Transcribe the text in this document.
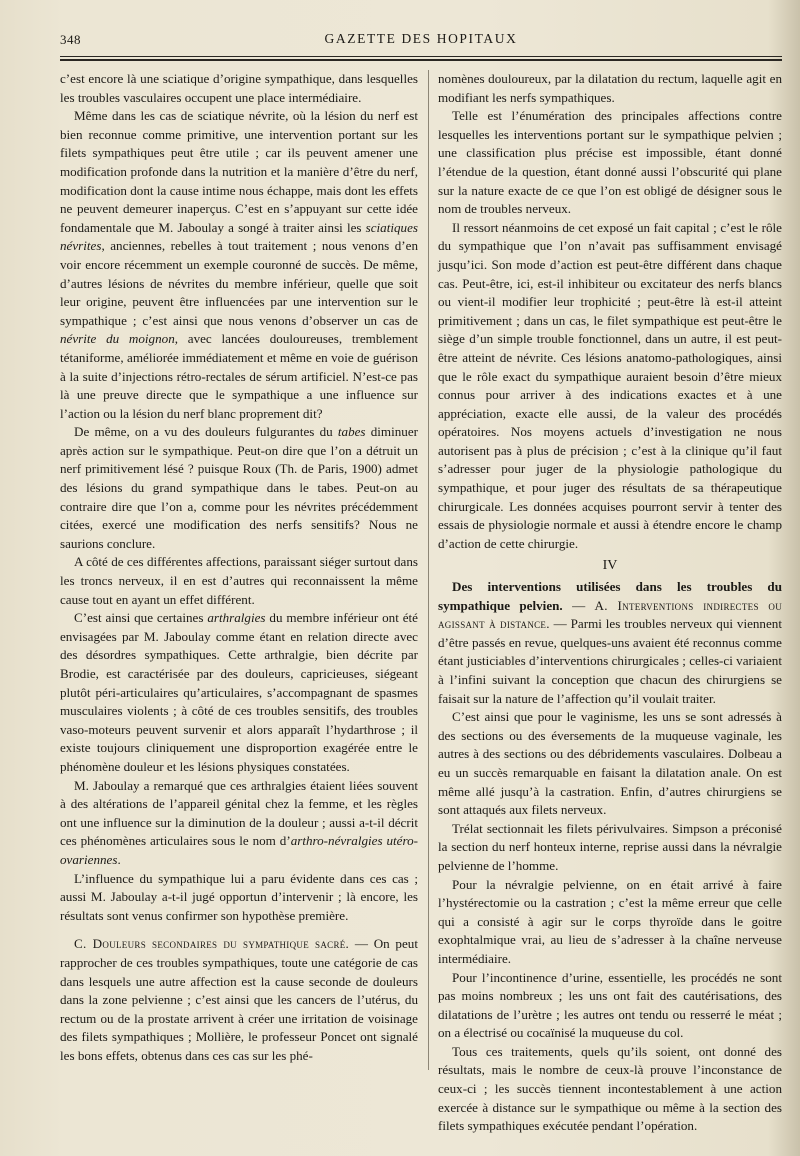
348	GAZETTE DES HOPITAUX

c’est encore là une sciatique d’origine sympathique, dans lesquelles les troubles vasculaires occupent une place intermédiaire.

Même dans les cas de sciatique névrite, où la lésion du nerf est bien reconnue comme primitive, une intervention portant sur les filets sympathiques peut être utile ; car ils peuvent amener une modification profonde dans la nutrition et la manière d’être du nerf, modification dont la cause intime nous échappe, mais dont les effets ne peuvent demeurer inaperçus. C’est en s’appuyant sur cette idée fondamentale que M. Jaboulay a songé à traiter ainsi les sciatiques névrites, anciennes, rebelles à tout traitement ; nous venons d’en voir encore récemment un exemple couronné de succès. De même, d’autres lésions de névrites du membre inférieur, quelle que soit leur origine, peuvent être influencées par une intervention sur le sympathique ; c’est ainsi que nous venons d’observer un cas de névrite du moignon, avec lancées douloureuses, tremblement tétaniforme, améliorée immédiatement et même en voie de guérison à la suite d’injections rétro-rectales de sérum artificiel. N’est-ce pas là une preuve directe que le sympathique a une influence sur l’action ou la lésion du nerf blanc proprement dit?

De même, on a vu des douleurs fulgurantes du tabes diminuer après action sur le sympathique. Peut-on dire que l’on a détruit un nerf primitivement lésé ? puisque Roux (Th. de Paris, 1900) admet des lésions du grand sympathique dans le tabes. Peut-on au contraire dire que l’on a, comme pour les névrites précédemment citées, exercé une modification des nerfs sensitifs? Nous ne saurions conclure.

A côté de ces différentes affections, paraissant siéger surtout dans les troncs nerveux, il en est d’autres qui reconnaissent la même cause tout en ayant un effet différent.

C’est ainsi que certaines arthralgies du membre inférieur ont été envisagées par M. Jaboulay comme étant en relation directe avec des désordres sympathiques. Cette arthralgie, bien décrite par Brodie, est caractérisée par des douleurs, capricieuses, siégeant plutôt péri-articulaires qu’articulaires, s’accompagnant de spasmes musculaires violents ; à côté de ces troubles sensitifs, des troubles vaso-moteurs peuvent survenir et alors apparaît l’hydarthrose ; il existe toujours cliniquement une disproportion exagérée entre le phénomène douleur et les lésions physiques constatées.

M. Jaboulay a remarqué que ces arthralgies étaient liées souvent à des altérations de l’appareil génital chez la femme, et les règles ont une influence sur la diminution de la douleur ; aussi a-t-il décrit ces phénomènes articulaires sous le nom d’arthro-névralgies utéro-ovariennes.

L’influence du sympathique lui a paru évidente dans ces cas ; aussi M. Jaboulay a-t-il jugé opportun d’intervenir ; là encore, les résultats sont venus confirmer son hypothèse première.

C. Douleurs secondaires du sympathique sacré. — On peut rapprocher de ces troubles sympathiques, toute une catégorie de cas dans lesquels une autre affection est la cause seconde de douleurs dans la zone pelvienne ; c’est ainsi que les cancers de l’utérus, du rectum ou de la prostate arrivent à créer une irritation de voisinage des filets sympathiques ; Mollière, le professeur Poncet ont signalé les bons effets, obtenus dans ces cas sur les phé-

nomènes douloureux, par la dilatation du rectum, laquelle agit en modifiant les nerfs sympathiques.

Telle est l’énumération des principales affections contre lesquelles les interventions portant sur le sympathique pelvien ; une classification plus précise est impossible, étant donné l’étendue de la question, étant donné aussi l’obscurité qui plane sur la nature exacte de ce que l’on est obligé de désigner sous le nom de troubles nerveux.

Il ressort néanmoins de cet exposé un fait capital ; c’est le rôle du sympathique que l’on n’avait pas suffisamment envisagé jusqu’ici. Son mode d’action est peut-être différent dans chaque cas. Peut-être, ici, est-il inhibiteur ou excitateur des nerfs blancs ou vient-il modifier leur trophicité ; peut-être là est-il atteint primitivement ; dans un cas, le filet sympathique est peut-être le siège d’un simple trouble fonctionnel, dans un autre, il est peut-être atteint de névrite. Ces lésions anatomo-pathologiques, ainsi que le rôle exact du sympathique auraient besoin d’être mieux connus pour arriver à des indications exactes et à une appréciation, exacte elle aussi, de la valeur des procédés opératoires. Nos moyens actuels d’investigation ne nous autorisent pas à plus de précision ; c’est à la clinique qu’il faut s’adresser pour juger de la physiologie pathologique du sympathique, et pour juger des résultats de sa thérapeutique chirurgicale. Les données acquises pourront servir à tenter des essais de physiologie normale et aussi à étendre encore le champ d’action de cette chirurgie.

IV

Des interventions utilisées dans les troubles du sympathique pelvien. — A. Interventions indirectes ou agissant à distance. — Parmi les troubles nerveux qui viennent d’être passés en revue, quelques-uns avaient été reconnus comme étant justiciables d’interventions chirurgicales ; celles-ci variaient à l’infini suivant la conception que chacun des chirurgiens se faisait sur la nature de l’affection qu’il voulait traiter.

C’est ainsi que pour le vaginisme, les uns se sont adressés à des sections ou des éversements de la muqueuse vaginale, les autres à des sections ou des débridements vasculaires. Dolbeau a eu un succès remarquable en faisant la dilatation anale. On est même allé jusqu’à la castration. Enfin, d’autres chirurgiens se sont attaqués aux filets nerveux.

Trélat sectionnait les filets périvulvaires. Simpson a préconisé la section du nerf honteux interne, reprise aussi dans la névralgie pelvienne de l’homme.

Pour la névralgie pelvienne, on en était arrivé à faire l’hystérectomie ou la castration ; c’est la même erreur que celle qui a consisté à agir sur le corps thyroïde dans le goitre exophtalmique vrai, au lieu de s’adresser à la chaîne nerveuse intermédiaire.

Pour l’incontinence d’urine, essentielle, les procédés ne sont pas moins nombreux ; les uns ont fait des cautérisations, des dilatations de l’urètre ; les autres ont tendu ou resserré le méat ; on a électrisé ou cocaïnisé la muqueuse du col.

Tous ces traitements, quels qu’ils soient, ont donné des résultats, mais le nombre de ceux-là prouve l’inconstance de ceux-ci ; les succès tiennent incontestablement à une action exercée à distance sur le sympathique ou même à la section des filets sympathiques exécutée pendant l’opération.
